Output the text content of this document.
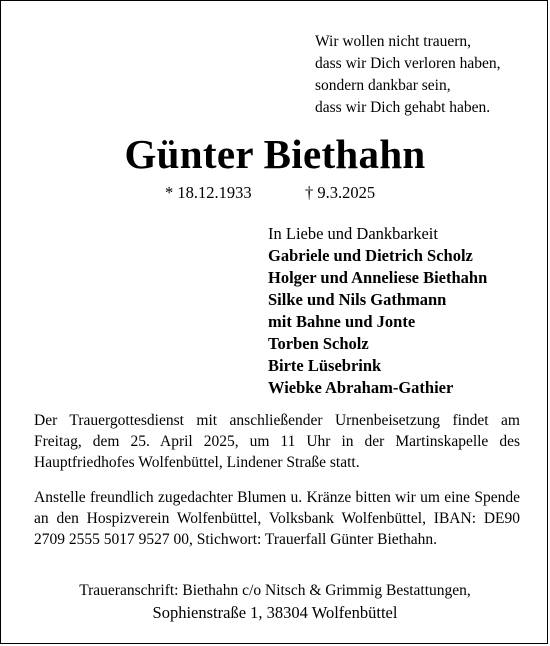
Wir wollen nicht trauern,
dass wir Dich verloren haben,
sondern dankbar sein,
dass wir Dich gehabt haben.
Günter Biethahn
* 18.12.1933	† 9.3.2025
In Liebe und Dankbarkeit
Gabriele und Dietrich Scholz
Holger und Anneliese Biethahn
Silke und Nils Gathmann
mit Bahne und Jonte
Torben Scholz
Birte Lüsebrink
Wiebke Abraham-Gathier
Der Trauergottesdienst mit anschließender Urnenbeisetzung findet am Freitag, dem 25. April 2025, um 11 Uhr in der Martinskapelle des Hauptfriedhofes Wolfenbüttel, Lindener Straße statt.
Anstelle freundlich zugedachter Blumen u. Kränze bitten wir um eine Spende an den Hospizverein Wolfenbüttel, Volksbank Wolfenbüttel, IBAN: DE90 2709 2555 5017 9527 00, Stichwort: Trauerfall Günter Biethahn.
Traueranschrift: Biethahn c/o Nitsch & Grimmig Bestattungen,
Sophienstraße 1, 38304 Wolfenbüttel
